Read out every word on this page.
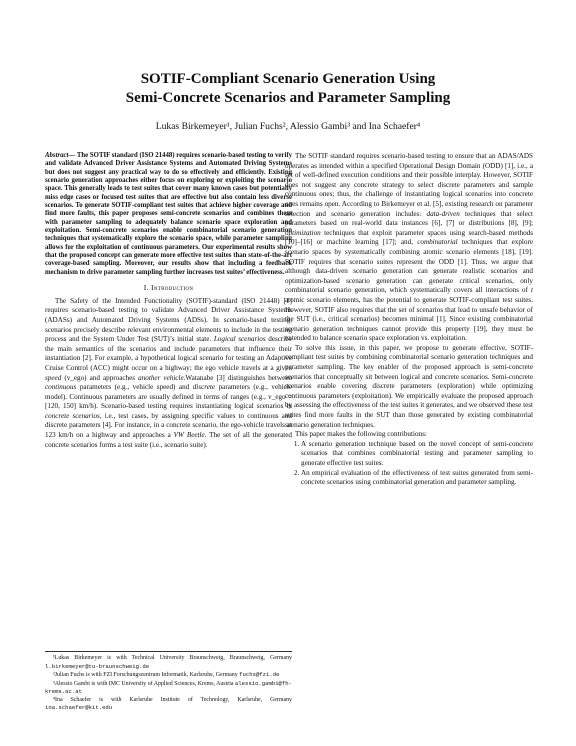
SOTIF-Compliant Scenario Generation Using
Semi-Concrete Scenarios and Parameter Sampling
Lukas Birkemeyer¹, Julian Fuchs², Alessio Gambi³ and Ina Schaefer⁴
Abstract— The SOTIF standard (ISO 21448) requires scenario-based testing to verify and validate Advanced Driver Assistance Systems and Automated Driving Systems but does not suggest any practical way to do so effectively and efficiently. Existing scenario generation approaches either focus on exploring or exploiting the scenario space. This generally leads to test suites that cover many known cases but potentially miss edge cases or focused test suites that are effective but also contain less diverse scenarios. To generate SOTIF-compliant test suites that achieve higher coverage and find more faults, this paper proposes semi-concrete scenarios and combines them with parameter sampling to adequately balance scenario space exploration and exploitation. Semi-concrete scenarios enable combinatorial scenario generation techniques that systematically explore the scenario space, while parameter sampling allows for the exploitation of continuous parameters. Our experimental results show that the proposed concept can generate more effective test suites than state-of-the-art coverage-based sampling. Moreover, our results show that including a feedback mechanism to drive parameter sampling further increases test suites’ effectiveness.
I. Introduction

The Safety of the Intended Functionality (SOTIF)-standard (ISO 21448) [1] requires scenario-based testing to validate Advanced Driver Assistance Systems (ADASs) and Automated Driving Systems (ADSs). In scenario-based testing, scenarios precisely describe relevant environmental elements to include in the testing process and the System Under Test (SUT)’s initial state. Logical scenarios describe the main semantics of the scenarios and include parameters that influence their instantiation [2]. For example, a hypothetical logical scenario for testing an Adaptive Cruise Control (ACC) might occur on a highway; the ego vehicle travels at a given speed (v_ego) and approaches another vehicle.Watanabe [3] distinguishes between continuous parameters (e.g., vehicle speed) and discrete parameters (e.g., vehicle model). Continuous parameters are usually defined in terms of ranges (e.g., v_ego = [120, 150] km/h). Scenario-based testing requires instantiating logical scenarios in concrete scenarios, i.e., test cases, by assigning specific values to continuous and discrete parameters [4]. For instance, in a concrete scenario, the ego-vehicle travels at 123 km/h on a highway and approaches a VW Beetle. The set of all the generated concrete scenarios forms a test suite (i.e., scenario suite).

¹Lukas Birkemeyer is with Technical University Braunschweig, Braunschweig, Germany l.birkemeyer@tu-braunschweig.de
²Julian Fuchs is with FZI Forschungszentrum Informatik, Karlsruhe, Germany fuchs@fzi.de
³Alessio Gambi is with IMC University of Applied Sciences, Krems, Austria alessio.gambi@fh-krems.ac.at
⁴Ina Schaefer is with Karlsruhe Institute of Technology, Karlsruhe, Germany ina.schaefer@kit.edu

The SOTIF standard requires scenario-based testing to ensure that an ADAS/ADS operates as intended within a specified Operational Design Domain (ODD) [1], i.e., a set of well-defined execution conditions and their possible interplay. However, SOTIF does not suggest any concrete strategy to select discrete parameters and sample continuous ones; thus, the challenge of instantiating logical scenarios into concrete ones remains open. According to Birkemeyer et al. [5], existing research on parameter selection and scenario generation includes: data-driven techniques that select parameters based on real-world data instances [6], [7] or distributions [8], [9]; optimization techniques that exploit parameter spaces using search-based methods [10]–[16] or machine learning [17]; and, combinatorial techniques that explore scenario spaces by systematically combining atomic scenario elements [18], [19]. SOTIF requires that scenario suites represent the ODD [1]. Thus, we argue that although data-driven scenario generation can generate realistic scenarios and optimization-based scenario generation can generate critical scenarios, only combinatorial scenario generation, which systematically covers all interactions of t atomic scenario elements, has the potential to generate SOTIF-compliant test suites. However, SOTIF also requires that the set of scenarios that lead to unsafe behavior of the SUT (i.e., critical scenarios) becomes minimal [1]. Since existing combinatorial scenario generation techniques cannot provide this property [19], they must be extended to balance scenario space exploration vs. exploitation.

To solve this issue, in this paper, we propose to generate effective, SOTIF-compliant test suites by combining combinatorial scenario generation techniques and parameter sampling. The key enabler of the proposed approach is semi-concrete scenarios that conceptually sit between logical and concrete scenarios. Semi-concrete scenarios enable covering discrete parameters (exploration) while optimizing continuous parameters (exploitation). We empirically evaluate the proposed approach by assessing the effectiveness of the test suites it generates, and we observed these test suites find more faults in the SUT than those generated by existing combinatorial scenario generation techniques.

This paper makes the following contributions:

1. A scenario generation technique based on the novel concept of semi-concrete scenarios that combines combinatorial testing and parameter sampling to generate effective test suites.
2. An empirical evaluation of the effectiveness of test suites generated from semi-concrete scenarios using combinatorial generation and parameter sampling.
